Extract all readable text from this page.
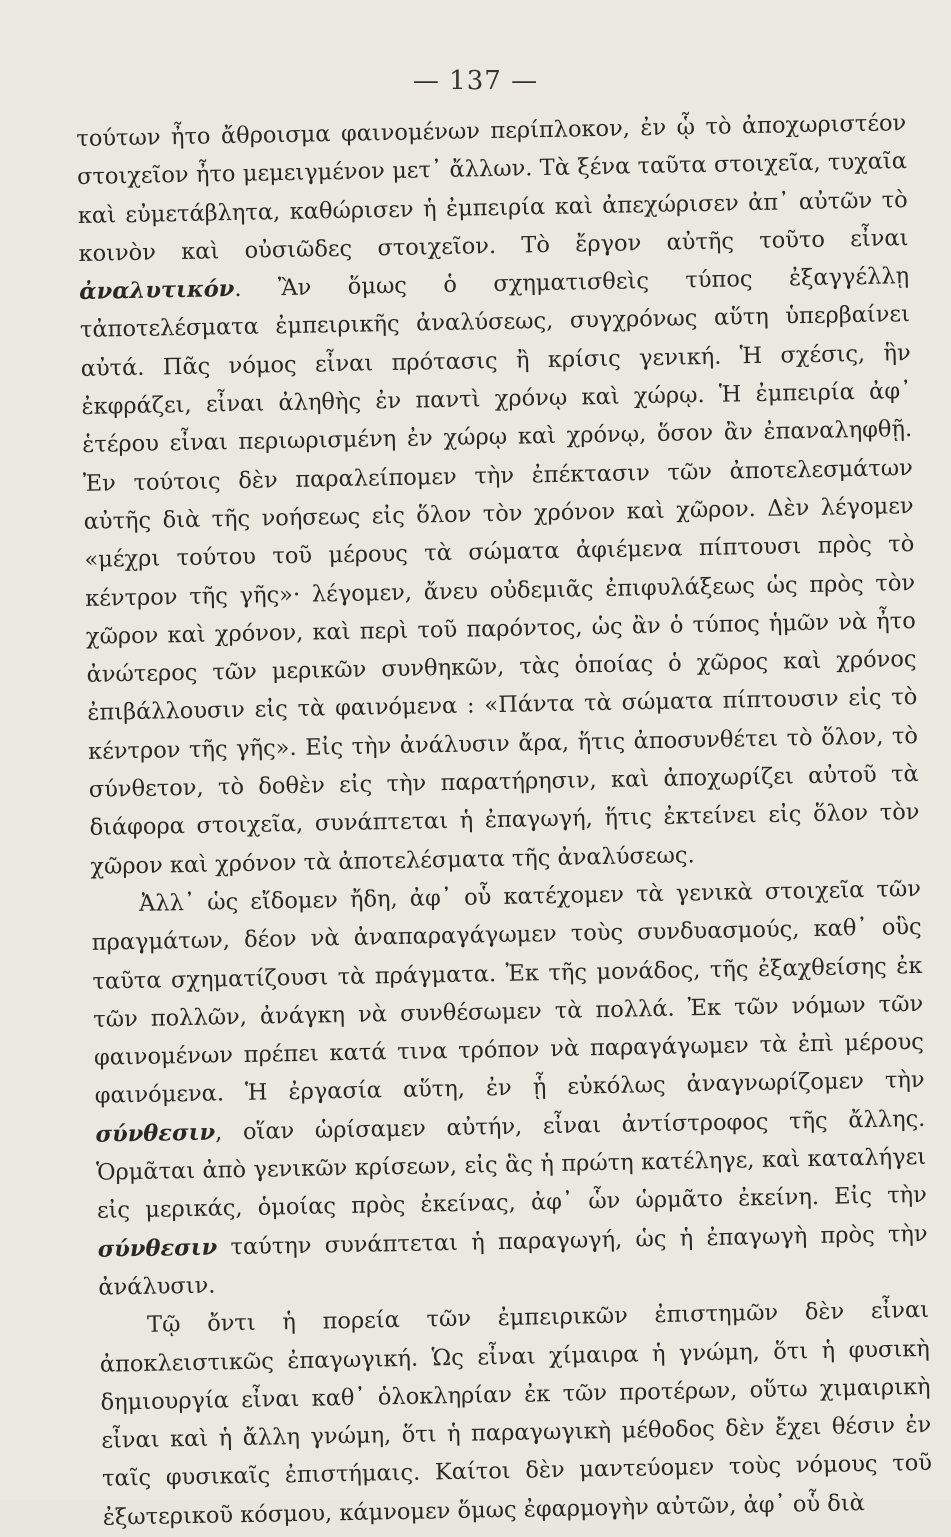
— 137 —

τούτων ἦτο ἄθροισμα φαινομένων περίπλοκον, ἐν ᾧ τὸ ἀποχωριστέον στοιχεῖον ἦτο μεμειγμένον μετ᾽ ἄλλων. Τὰ ξένα ταῦτα στοιχεῖα, τυχαῖα καὶ εὐμετάβλητα, καθώρισεν ἡ ἐμπειρία καὶ ἀπεχώρισεν ἀπ᾽ αὐτῶν τὸ κοινὸν καὶ οὐσιῶδες στοιχεῖον. Τὸ ἔργον αὐτῆς τοῦτο εἶναι ἀναλυτικόν. Ἂν ὅμως ὁ σχηματισθεὶς τύπος ἐξαγγέλλῃ τἀποτελέσματα ἐμπειρικῆς ἀναλύσεως, συγχρόνως αὕτη ὑπερβαίνει αὐτά. Πᾶς νόμος εἶναι πρότασις ἢ κρίσις γενική. Ἡ σχέσις, ἣν ἐκφράζει, εἶναι ἀληθὴς ἐν παντὶ χρόνῳ καὶ χώρῳ. Ἡ ἐμπειρία ἀφ᾽ ἑτέρου εἶναι περιωρισμένη ἐν χώρῳ καὶ χρόνῳ, ὅσον ἂν ἐπαναληφθῇ. Ἐν τούτοις δὲν παραλείπομεν τὴν ἐπέκτασιν τῶν ἀποτελεσμάτων αὐτῆς διὰ τῆς νοήσεως εἰς ὅλον τὸν χρόνον καὶ χῶρον. Δὲν λέγομεν «μέχρι τούτου τοῦ μέρους τὰ σώματα ἀφιέμενα πίπτουσι πρὸς τὸ κέντρον τῆς γῆς»· λέγομεν, ἄνευ οὐδεμιᾶς ἐπιφυλάξεως ὡς πρὸς τὸν χῶρον καὶ χρόνον, καὶ περὶ τοῦ παρόντος, ὡς ἂν ὁ τύπος ἡμῶν νὰ ἦτο ἀνώτερος τῶν μερικῶν συνθηκῶν, τὰς ὁποίας ὁ χῶρος καὶ χρόνος ἐπιβάλλουσιν εἰς τὰ φαινόμενα : «Πάντα τὰ σώματα πίπτουσιν εἰς τὸ κέντρον τῆς γῆς». Εἰς τὴν ἀνάλυσιν ἄρα, ἥτις ἀποσυνθέτει τὸ ὅλον, τὸ σύνθετον, τὸ δοθὲν εἰς τὴν παρατήρησιν, καὶ ἀποχωρίζει αὐτοῦ τὰ διάφορα στοιχεῖα, συνάπτεται ἡ ἐπαγωγή, ἥτις ἐκτείνει εἰς ὅλον τὸν χῶρον καὶ χρόνον τὰ ἀποτελέσματα τῆς ἀναλύσεως.

Ἀλλ᾽ ὡς εἴδομεν ἤδη, ἀφ᾽ οὗ κατέχομεν τὰ γενικὰ στοιχεῖα τῶν πραγμάτων, δέον νὰ ἀναπαραγάγωμεν τοὺς συνδυασμούς, καθ᾽ οὓς ταῦτα σχηματίζουσι τὰ πράγματα. Ἐκ τῆς μονάδος, τῆς ἐξαχθείσης ἐκ τῶν πολλῶν, ἀνάγκη νὰ συνθέσωμεν τὰ πολλά. Ἐκ τῶν νόμων τῶν φαινομένων πρέπει κατά τινα τρόπον νὰ παραγάγωμεν τὰ ἐπὶ μέρους φαινόμενα. Ἡ ἐργασία αὕτη, ἐν ᾗ εὐκόλως ἀναγνωρίζομεν τὴν σύνθεσιν, οἵαν ὡρίσαμεν αὐτήν, εἶναι ἀντίστροφος τῆς ἄλλης. Ὁρμᾶται ἀπὸ γενικῶν κρίσεων, εἰς ἃς ἡ πρώτη κατέληγε, καὶ καταλήγει εἰς μερικάς, ὁμοίας πρὸς ἐκείνας, ἀφ᾽ ὧν ὡρμᾶτο ἐκείνη. Εἰς τὴν σύνθεσιν ταύτην συνάπτεται ἡ παραγωγή, ὡς ἡ ἐπαγωγὴ πρὸς τὴν ἀνάλυσιν.

Τῷ ὄντι ἡ πορεία τῶν ἐμπειρικῶν ἐπιστημῶν δὲν εἶναι ἀποκλειστικῶς ἐπαγωγική. Ὡς εἶναι χίμαιρα ἡ γνώμη, ὅτι ἡ φυσικὴ δημιουργία εἶναι καθ᾽ ὁλοκληρίαν ἐκ τῶν προτέρων, οὕτω χιμαιρικὴ εἶναι καὶ ἡ ἄλλη γνώμη, ὅτι ἡ παραγωγικὴ μέθοδος δὲν ἔχει θέσιν ἐν ταῖς φυσικαῖς ἐπιστήμαις. Καίτοι δὲν μαντεύομεν τοὺς νόμους τοῦ ἐξωτερικοῦ κόσμου, κάμνομεν ὅμως ἐφαρμογὴν αὐτῶν, ἀφ᾽ οὗ διὰ
